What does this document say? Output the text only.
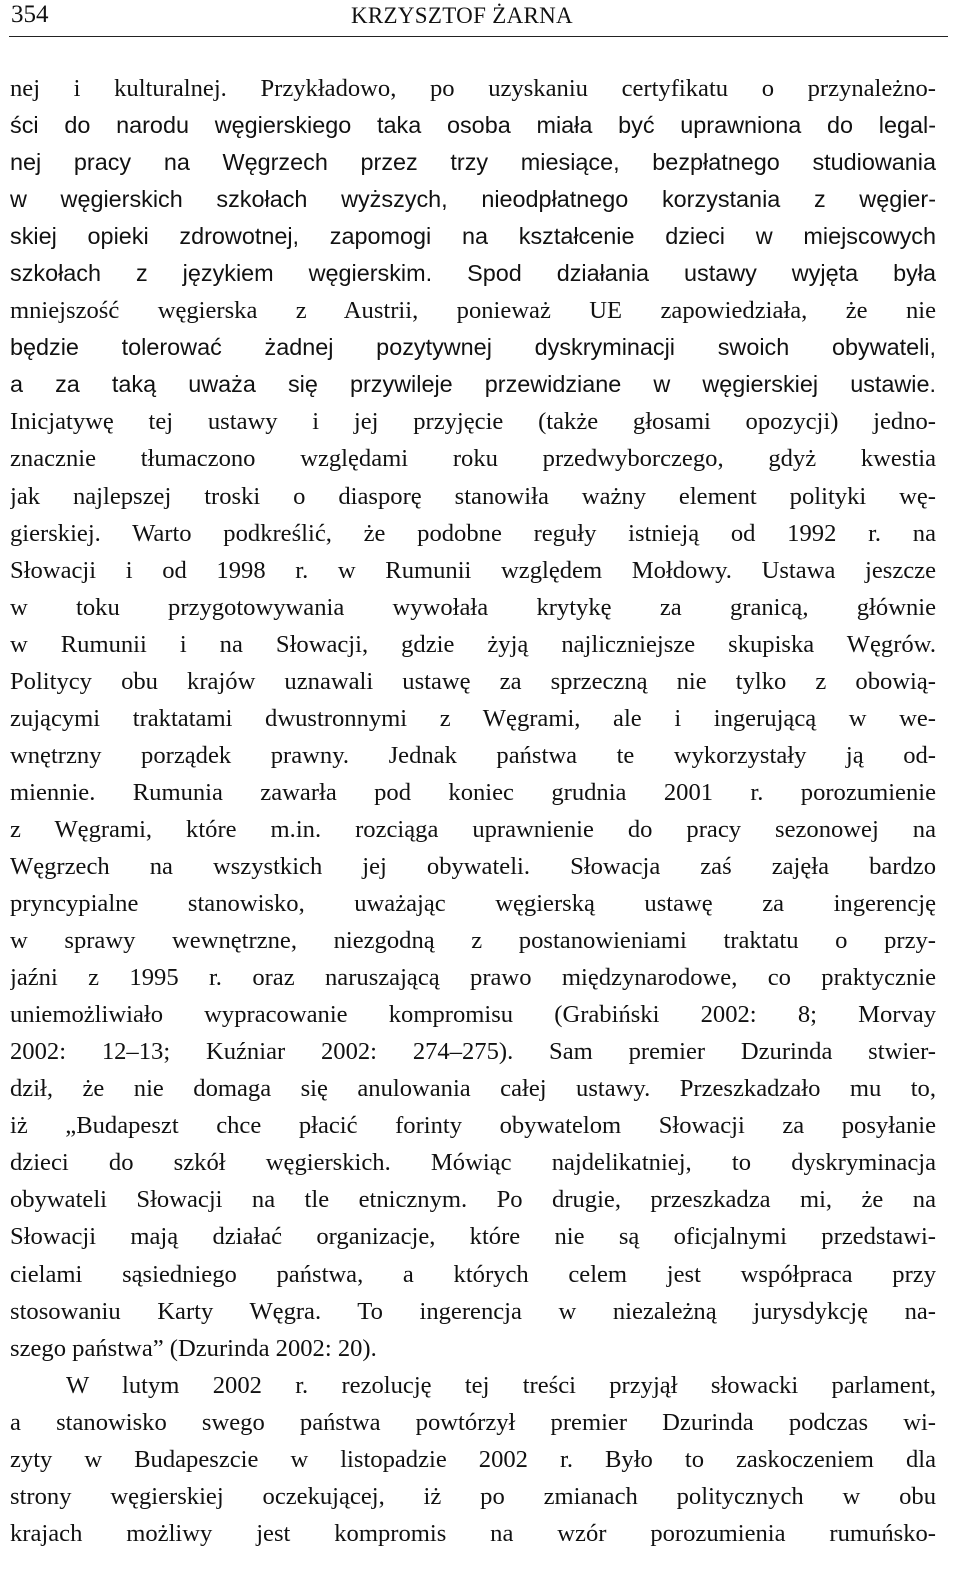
354	KRZYSZTOF ŻARNA
nej i kulturalnej. Przykładowo, po uzyskaniu certyfikatu o przynależno-
ści do narodu węgierskiego taka osoba miała być uprawniona do legal-
nej pracy na Węgrzech przez trzy miesiące, bezpłatnego studiowania
w węgierskich szkołach wyższych, nieodpłatnego korzystania z węgier-
skiej opieki zdrowotnej, zapomogi na kształcenie dzieci w miejscowych
szkołach z językiem węgierskim. Spod działania ustawy wyjęta była
mniejszość węgierska z Austrii, ponieważ UE zapowiedziała, że nie
będzie tolerować żadnej pozytywnej dyskryminacji swoich obywateli,
a za taką uważa się przywileje przewidziane w węgierskiej ustawie.
Inicjatywę tej ustawy i jej przyjęcie (także głosami opozycji) jedno-
znacznie tłumaczono względami roku przedwyborczego, gdyż kwestia
jak najlepszej troski o diasporę stanowiła ważny element polityki wę-
gierskiej. Warto podkreślić, że podobne reguły istnieją od 1992 r. na
Słowacji i od 1998 r. w Rumunii względem Mołdowy. Ustawa jeszcze
w toku przygotowywania wywołała krytykę za granicą, głównie
w Rumunii i na Słowacji, gdzie żyją najliczniejsze skupiska Węgrów.
Politycy obu krajów uznawali ustawę za sprzeczną nie tylko z obowią-
zującymi traktatami dwustronnymi z Węgrami, ale i ingerującą w we-
wnętrzny porządek prawny. Jednak państwa te wykorzystały ją od-
miennie. Rumunia zawarła pod koniec grudnia 2001 r. porozumienie
z Węgrami, które m.in. rozciąga uprawnienie do pracy sezonowej na
Węgrzech na wszystkich jej obywateli. Słowacja zaś zajęła bardzo
pryncypialne stanowisko, uważając węgierską ustawę za ingerencję
w sprawy wewnętrzne, niezgodną z postanowieniami traktatu o przy-
jaźni z 1995 r. oraz naruszającą prawo międzynarodowe, co praktycznie
uniemożliwiało wypracowanie kompromisu (Grabiński 2002: 8; Morvay
2002: 12–13; Kuźniar 2002: 274–275). Sam premier Dzurinda stwier-
dził, że nie domaga się anulowania całej ustawy. Przeszkadzało mu to,
iż „Budapeszt chce płacić forinty obywatelom Słowacji za posyłanie
dzieci do szkół węgierskich. Mówiąc najdelikatniej, to dyskryminacja
obywateli Słowacji na tle etnicznym. Po drugie, przeszkadza mi, że na
Słowacji mają działać organizacje, które nie są oficjalnymi przedstawi-
cielami sąsiedniego państwa, a których celem jest współpraca przy
stosowaniu Karty Węgra. To ingerencja w niezależną jurysdykcję na-
szego państwa” (Dzurinda 2002: 20).
W lutym 2002 r. rezolucję tej treści przyjął słowacki parlament,
a stanowisko swego państwa powtórzył premier Dzurinda podczas wi-
zyty w Budapeszcie w listopadzie 2002 r. Było to zaskoczeniem dla
strony węgierskiej oczekującej, iż po zmianach politycznych w obu
krajach możliwy jest kompromis na wzór porozumienia rumuńsko-
